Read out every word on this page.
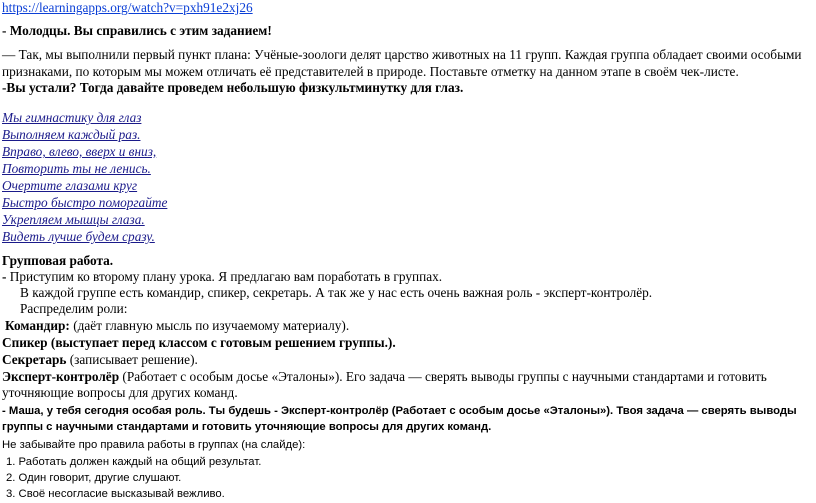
https://learningapps.org/watch?v=pxh91e2xj26
- Молодцы. Вы справились с этим заданием!
— Так, мы выполнили первый пункт плана: Учёные-зоологи делят царство животных на 11 групп. Каждая группа обладает своими особыми признаками, по которым мы можем отличать её представителей в природе. Поставьте отметку на данном этапе в своём чек-листе.
-Вы устали? Тогда давайте проведем небольшую физкультминутку для глаз.
Мы гимнастику для глаз
Выполняем каждый раз.
Вправо, влево, вверх и вниз,
Повторить ты не ленись.
Очертите глазами круг
Быстро быстро поморгайте
Укрепляем мышцы глаза.
Видеть лучше будем сразу.
Групповая работа.
- Приступим ко второму плану урока. Я предлагаю вам поработать в группах.
В каждой группе есть командир, спикер, секретарь. А так же у нас есть очень важная роль - эксперт-контролёр.
Распределим роли:
Командир: (даёт главную мысль по изучаемому материалу).
Спикер (выступает перед классом с готовым решением группы.).
Секретарь (записывает решение).
Эксперт-контролёр (Работает с особым досье «Эталоны»). Его задача — сверять выводы группы с научными стандартами и готовить уточняющие вопросы для других команд.
- Маша, у тебя сегодня особая роль. Ты будешь - Эксперт-контролёр (Работает с особым досье «Эталоны»). Твоя задача — сверять выводы группы с научными стандартами и готовить уточняющие вопросы для других команд.
Не забывайте про правила работы в группах (на слайде):
1. Работать должен каждый на общий результат.
2. Один говорит, другие слушают.
3. Своё несогласие высказывай вежливо.
